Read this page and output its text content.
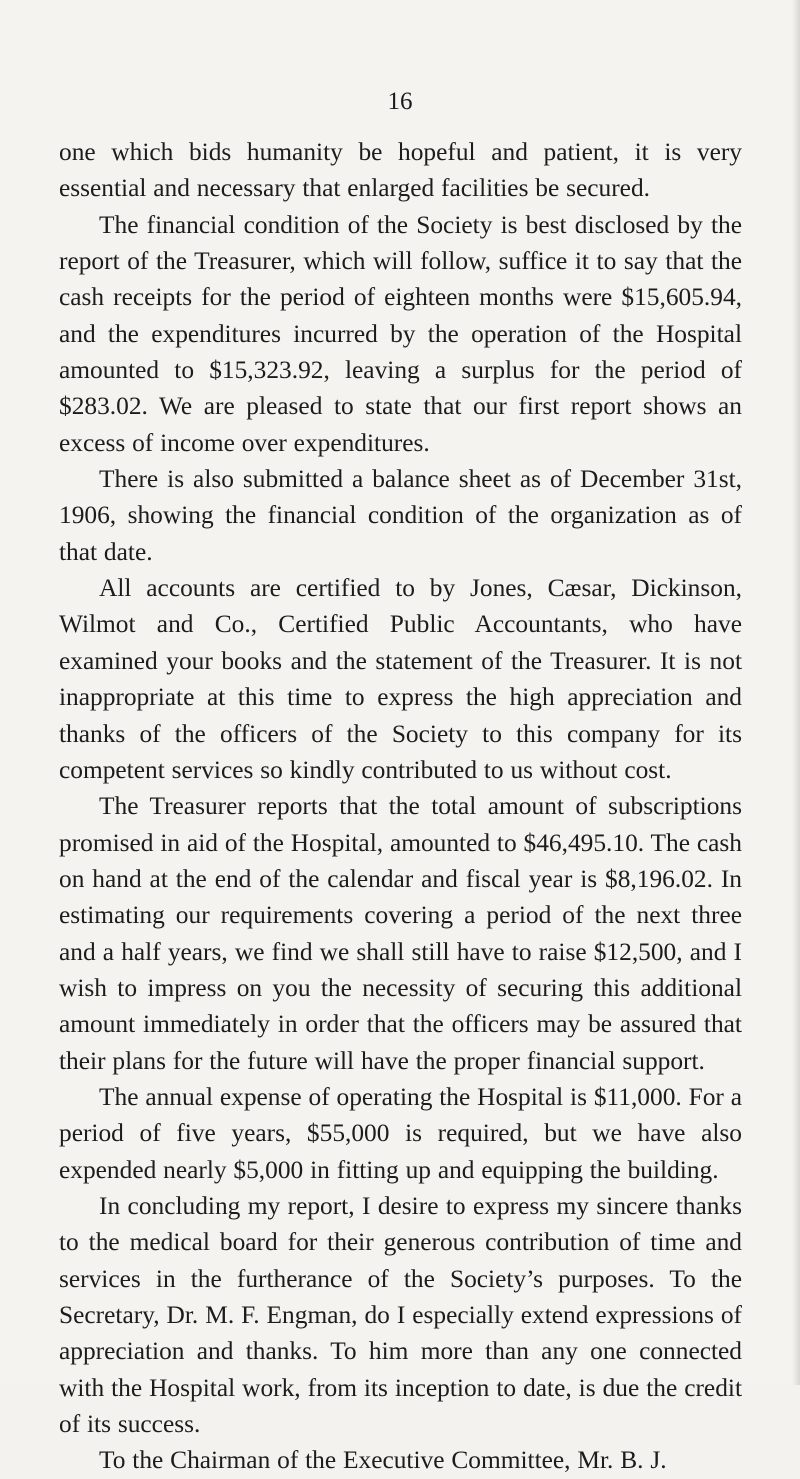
16

one which bids humanity be hopeful and patient, it is very essential and necessary that enlarged facilities be secured.

The financial condition of the Society is best disclosed by the report of the Treasurer, which will follow, suffice it to say that the cash receipts for the period of eighteen months were $15,605.94, and the expenditures incurred by the operation of the Hospital amounted to $15,323.92, leaving a surplus for the period of $283.02. We are pleased to state that our first report shows an excess of income over expenditures.

There is also submitted a balance sheet as of December 31st, 1906, showing the financial condition of the organization as of that date.

All accounts are certified to by Jones, Cæsar, Dickinson, Wilmot and Co., Certified Public Accountants, who have examined your books and the statement of the Treasurer. It is not inappropriate at this time to express the high appreciation and thanks of the officers of the Society to this company for its competent services so kindly contributed to us without cost.

The Treasurer reports that the total amount of subscriptions promised in aid of the Hospital, amounted to $46,495.10. The cash on hand at the end of the calendar and fiscal year is $8,196.02. In estimating our requirements covering a period of the next three and a half years, we find we shall still have to raise $12,500, and I wish to impress on you the necessity of securing this additional amount immediately in order that the officers may be assured that their plans for the future will have the proper financial support.

The annual expense of operating the Hospital is $11,000. For a period of five years, $55,000 is required, but we have also expended nearly $5,000 in fitting up and equipping the building.

In concluding my report, I desire to express my sincere thanks to the medical board for their generous contribution of time and services in the furtherance of the Society’s purposes. To the Secretary, Dr. M. F. Engman, do I especially extend expressions of appreciation and thanks. To him more than any one connected with the Hospital work, from its inception to date, is due the credit of its success.

To the Chairman of the Executive Committee, Mr. B. J.
